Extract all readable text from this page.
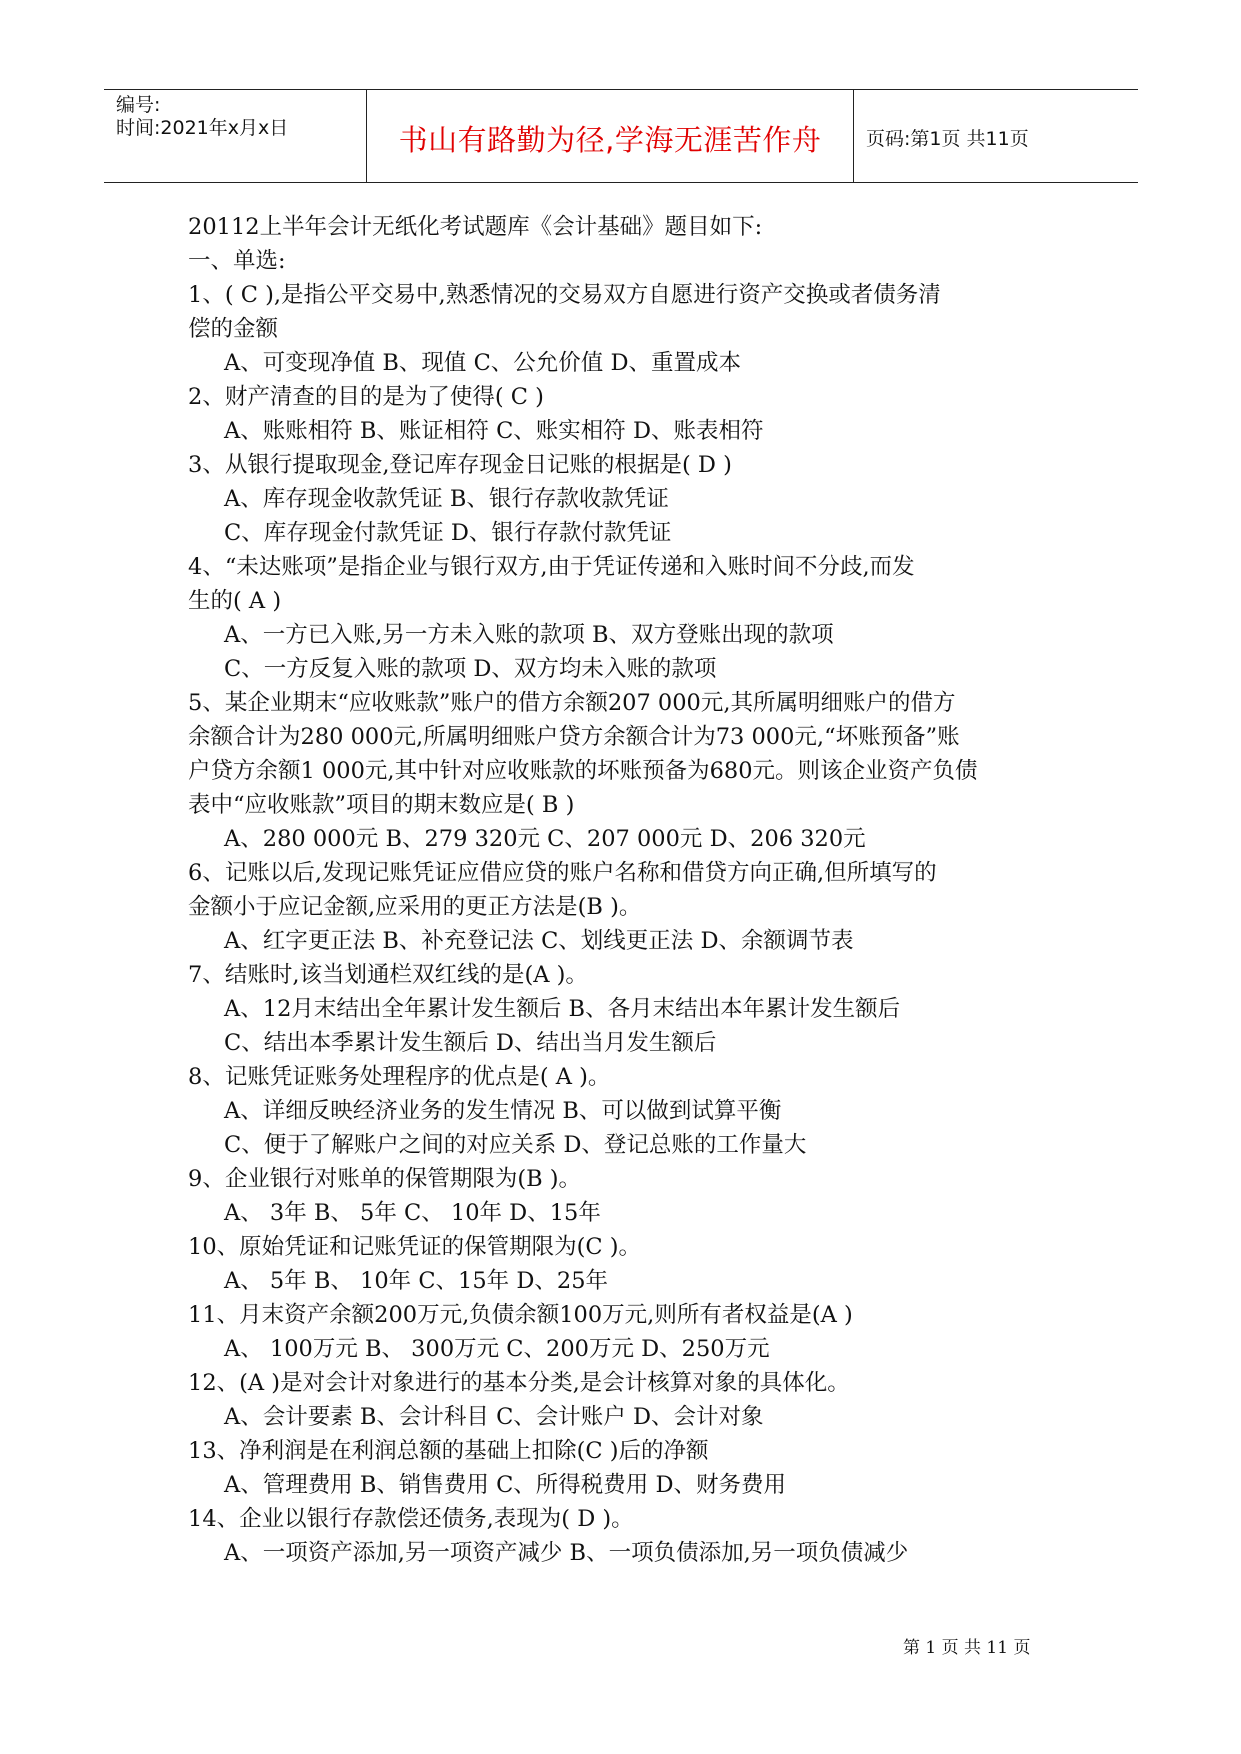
编号:
时间:2021年x月x日	书山有路勤为径,学海无涯苦作舟	页码:第1页 共11页
20112上半年会计无纸化考试题库《会计基础》题目如下:
一、单选:
1、( C ),是指公平交易中,熟悉情况的交易双方自愿进行资产交换或者债务清
偿的金额
A、可变现净值 B、现值 C、公允价值 D、重置成本
2、财产清查的目的是为了使得( C )
A、账账相符 B、账证相符 C、账实相符 D、账表相符
3、从银行提取现金,登记库存现金日记账的根据是( D )
A、库存现金收款凭证 B、银行存款收款凭证
C、库存现金付款凭证 D、银行存款付款凭证
4、“未达账项”是指企业与银行双方,由于凭证传递和入账时间不分歧,而发
生的( A )
A、一方已入账,另一方未入账的款项 B、双方登账出现的款项
C、一方反复入账的款项 D、双方均未入账的款项
5、某企业期末“应收账款”账户的借方余额207 000元,其所属明细账户的借方
余额合计为280 000元,所属明细账户贷方余额合计为73 000元,“坏账预备”账
户贷方余额1 000元,其中针对应收账款的坏账预备为680元。则该企业资产负债
表中“应收账款”项目的期末数应是( B )
A、280 000元 B、279 320元 C、207 000元 D、206 320元
6、记账以后,发现记账凭证应借应贷的账户名称和借贷方向正确,但所填写的
金额小于应记金额,应采用的更正方法是(B )。
A、红字更正法 B、补充登记法 C、划线更正法 D、余额调节表
7、结账时,该当划通栏双红线的是(A )。
A、12月末结出全年累计发生额后 B、各月末结出本年累计发生额后
C、结出本季累计发生额后 D、结出当月发生额后
8、记账凭证账务处理程序的优点是( A )。
A、详细反映经济业务的发生情况 B、可以做到试算平衡
C、便于了解账户之间的对应关系 D、登记总账的工作量大
9、企业银行对账单的保管期限为(B )。
A、 3年 B、 5年 C、 10年 D、15年
10、原始凭证和记账凭证的保管期限为(C )。
A、 5年 B、 10年 C、15年 D、25年
11、月末资产余额200万元,负债余额100万元,则所有者权益是(A )
A、 100万元 B、 300万元 C、200万元 D、250万元
12、(A )是对会计对象进行的基本分类,是会计核算对象的具体化。
A、会计要素 B、会计科目 C、会计账户 D、会计对象
13、净利润是在利润总额的基础上扣除(C )后的净额
A、管理费用 B、销售费用 C、所得税费用 D、财务费用
14、企业以银行存款偿还债务,表现为( D )。
A、一项资产添加,另一项资产减少 B、一项负债添加,另一项负债减少
第 1 页 共 11 页
